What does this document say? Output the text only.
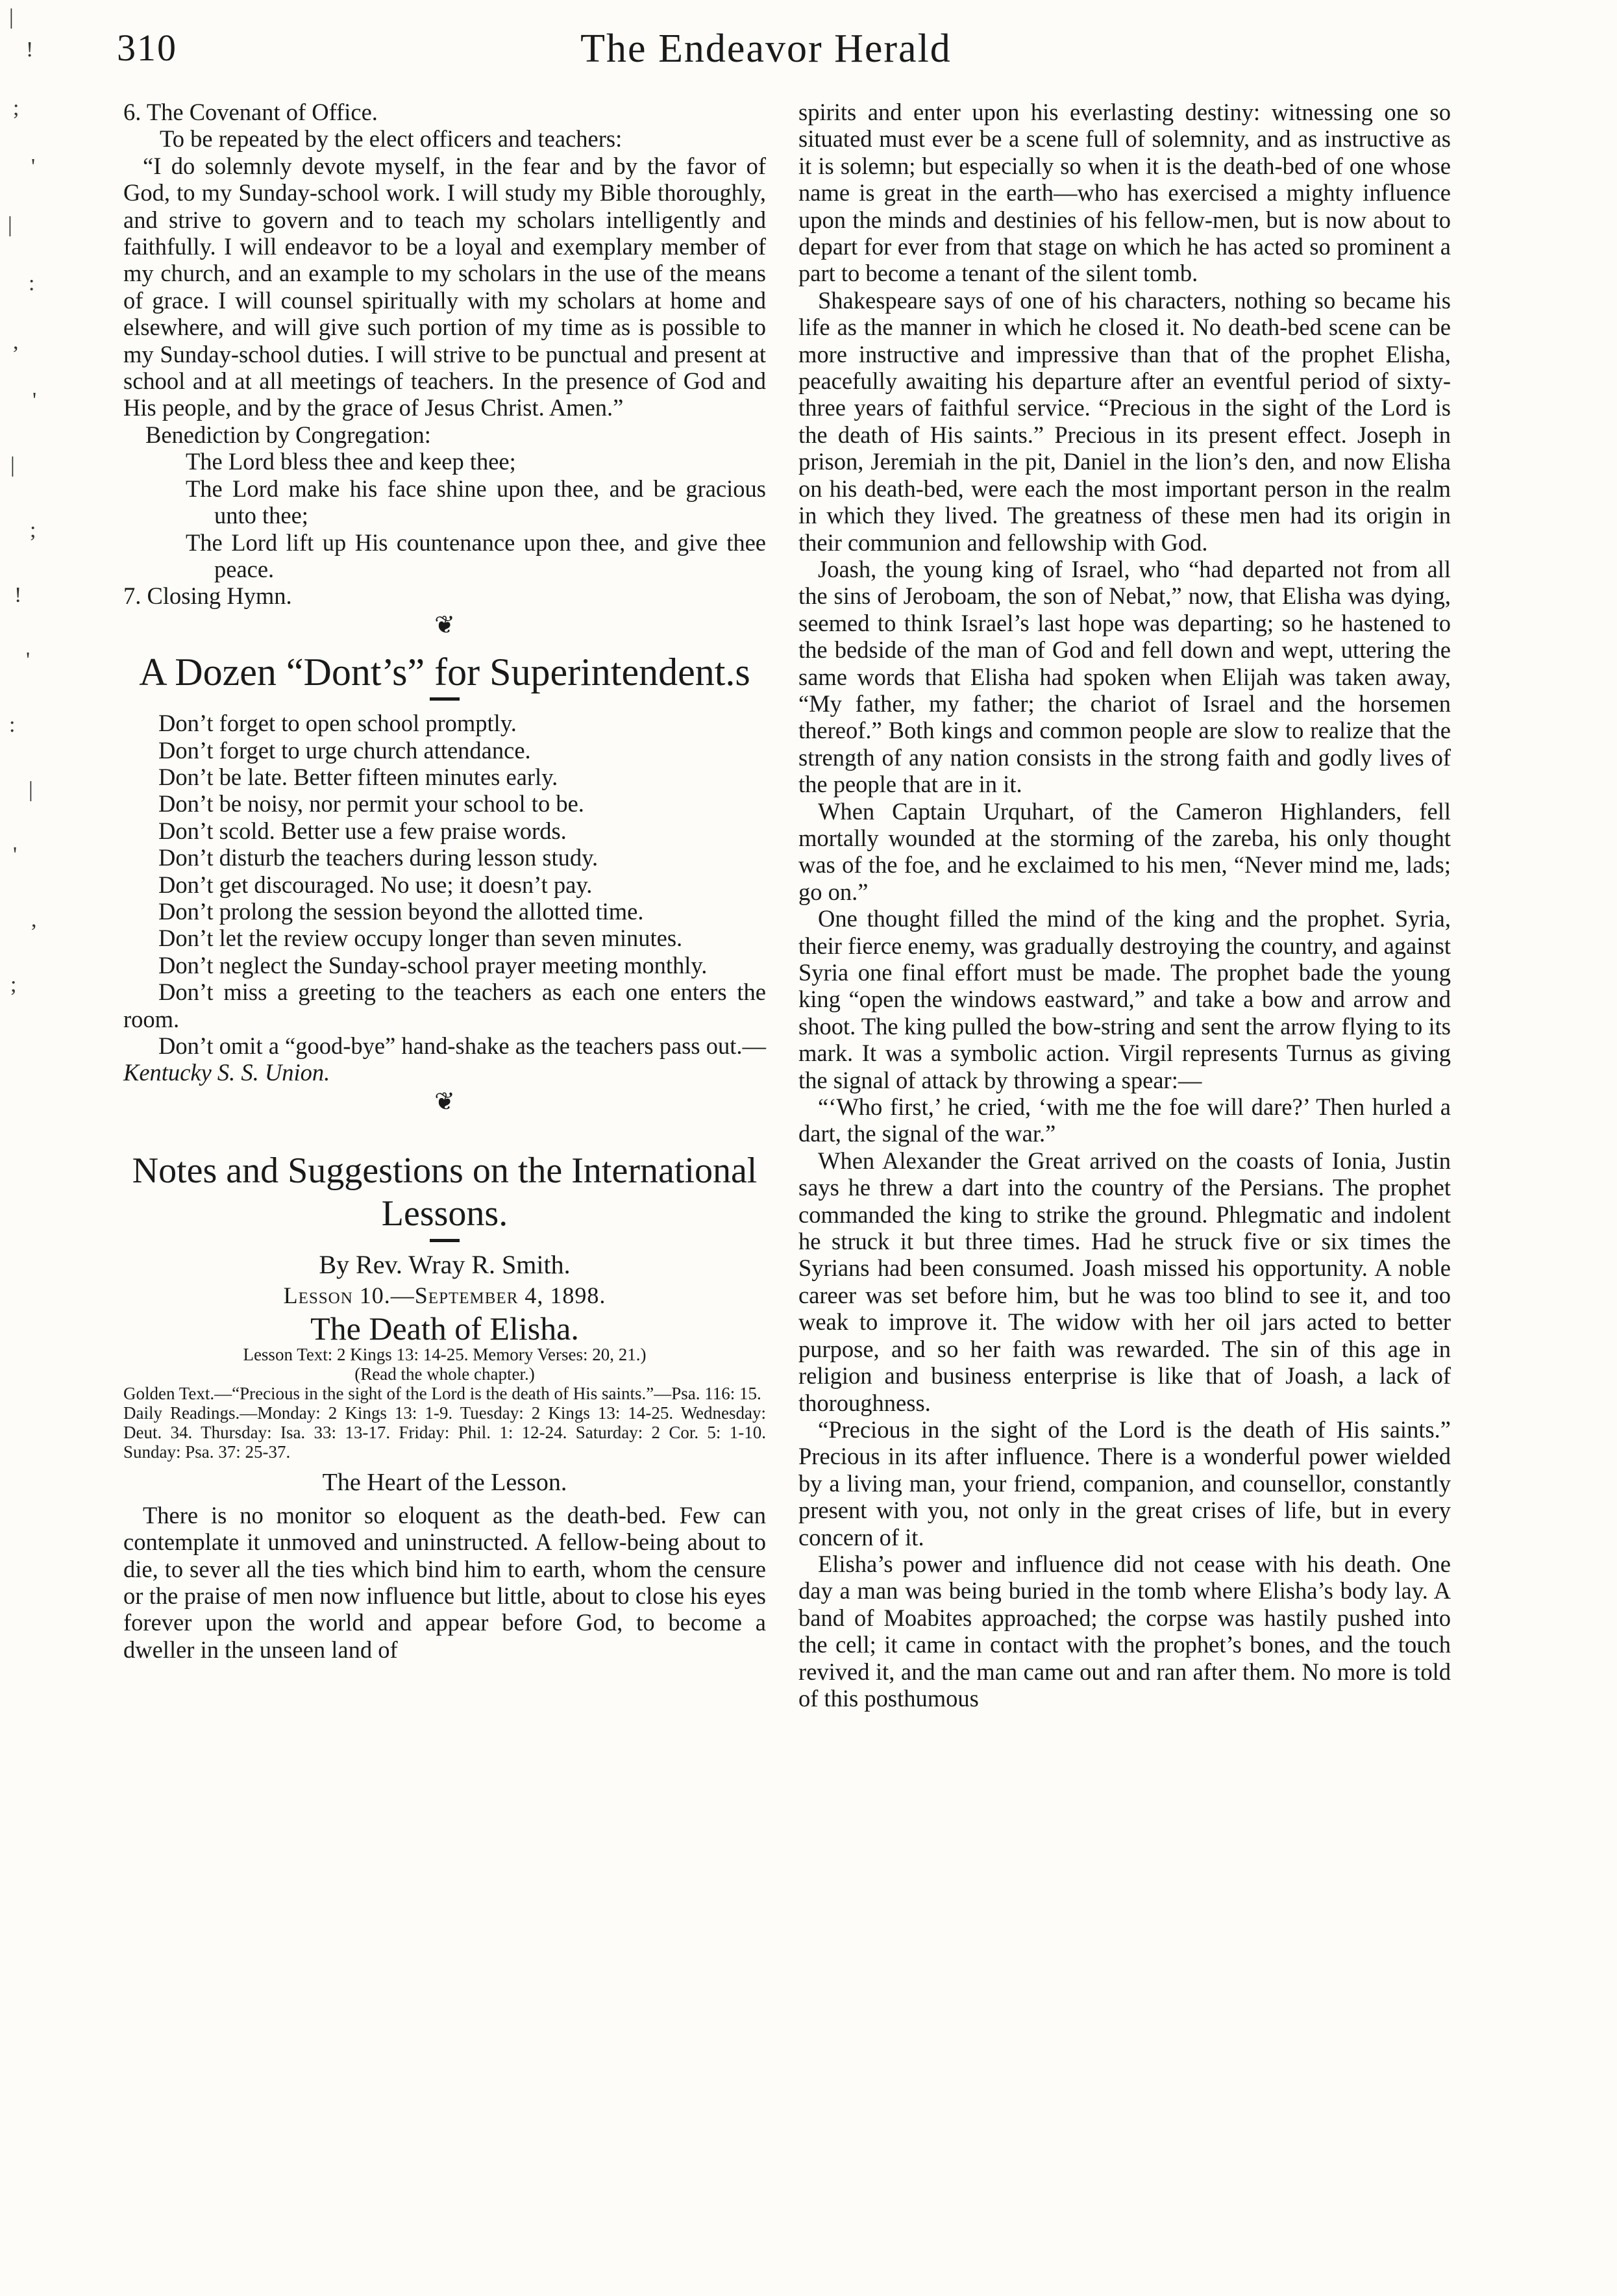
|
!
;
'
|
:
,
'
|
;
!
'
:
|
'
,
;
310	The Endeavor Herald

6. The Covenant of Office.

To be repeated by the elect officers and teachers:

“I do solemnly devote myself, in the fear and by the favor of God, to my Sunday-school work. I will study my Bible thoroughly, and strive to govern and to teach my scholars intelligently and faithfully. I will endeavor to be a loyal and exemplary member of my church, and an example to my scholars in the use of the means of grace. I will counsel spiritually with my scholars at home and elsewhere, and will give such portion of my time as is possible to my Sunday-school duties. I will strive to be punctual and present at school and at all meetings of teachers. In the presence of God and His people, and by the grace of Jesus Christ. Amen.”

Benediction by Congregation:

The Lord bless thee and keep thee;

The Lord make his face shine upon thee, and be gracious unto thee;

The Lord lift up His countenance upon thee, and give thee peace.

7. Closing Hymn.

❦
A Dozen “Dont’s” for Superintendent.s

Don’t forget to open school promptly.

Don’t forget to urge church attendance.

Don’t be late. Better fifteen minutes early.

Don’t be noisy, nor permit your school to be.

Don’t scold. Better use a few praise words.

Don’t disturb the teachers during lesson study.

Don’t get discouraged. No use; it doesn’t pay.

Don’t prolong the session beyond the allotted time.

Don’t let the review occupy longer than seven minutes.

Don’t neglect the Sunday-school prayer meeting monthly.

Don’t miss a greeting to the teachers as each one enters the room.

Don’t omit a “good-bye” hand-shake as the teachers pass out.—Kentucky S. S. Union.

❦
Notes and Suggestions on the International Lessons.
By Rev. Wray R. Smith.
Lesson 10.—September 4, 1898.
The Death of Elisha.

Lesson Text: 2 Kings 13: 14-25. Memory Verses: 20, 21.)

(Read the whole chapter.)

Golden Text.—“Precious in the sight of the Lord is the death of His saints.”—Psa. 116: 15.

Daily Readings.—Monday: 2 Kings 13: 1-9. Tuesday: 2 Kings 13: 14-25. Wednesday: Deut. 34. Thursday: Isa. 33: 13-17. Friday: Phil. 1: 12-24. Saturday: 2 Cor. 5: 1-10. Sunday: Psa. 37: 25-37.

The Heart of the Lesson.

There is no monitor so eloquent as the death-bed. Few can contemplate it unmoved and uninstructed. A fellow-being about to die, to sever all the ties which bind him to earth, whom the censure or the praise of men now influence but little, about to close his eyes forever upon the world and appear before God, to become a dweller in the unseen land of

spirits and enter upon his everlasting destiny: witnessing one so situated must ever be a scene full of solemnity, and as instructive as it is solemn; but especially so when it is the death-bed of one whose name is great in the earth—who has exercised a mighty influence upon the minds and destinies of his fellow-men, but is now about to depart for ever from that stage on which he has acted so prominent a part to become a tenant of the silent tomb.

Shakespeare says of one of his characters, nothing so became his life as the manner in which he closed it. No death-bed scene can be more instructive and impressive than that of the prophet Elisha, peacefully awaiting his departure after an eventful period of sixty-three years of faithful service. “Precious in the sight of the Lord is the death of His saints.” Precious in its present effect. Joseph in prison, Jeremiah in the pit, Daniel in the lion’s den, and now Elisha on his death-bed, were each the most important person in the realm in which they lived. The greatness of these men had its origin in their communion and fellowship with God.

Joash, the young king of Israel, who “had departed not from all the sins of Jeroboam, the son of Nebat,” now, that Elisha was dying, seemed to think Israel’s last hope was departing; so he hastened to the bedside of the man of God and fell down and wept, uttering the same words that Elisha had spoken when Elijah was taken away, “My father, my father; the chariot of Israel and the horsemen thereof.” Both kings and common people are slow to realize that the strength of any nation consists in the strong faith and godly lives of the people that are in it.

When Captain Urquhart, of the Cameron Highlanders, fell mortally wounded at the storming of the zareba, his only thought was of the foe, and he exclaimed to his men, “Never mind me, lads; go on.”

One thought filled the mind of the king and the prophet. Syria, their fierce enemy, was gradually destroying the country, and against Syria one final effort must be made. The prophet bade the young king “open the windows eastward,” and take a bow and arrow and shoot. The king pulled the bow-string and sent the arrow flying to its mark. It was a symbolic action. Virgil represents Turnus as giving the signal of attack by throwing a spear:—

“‘Who first,’ he cried, ‘with me the foe will dare?’ Then hurled a dart, the signal of the war.”

When Alexander the Great arrived on the coasts of Ionia, Justin says he threw a dart into the country of the Persians. The prophet commanded the king to strike the ground. Phlegmatic and indolent he struck it but three times. Had he struck five or six times the Syrians had been consumed. Joash missed his opportunity. A noble career was set before him, but he was too blind to see it, and too weak to improve it. The widow with her oil jars acted to better purpose, and so her faith was rewarded. The sin of this age in religion and business enterprise is like that of Joash, a lack of thoroughness.

“Precious in the sight of the Lord is the death of His saints.” Precious in its after influence. There is a wonderful power wielded by a living man, your friend, companion, and counsellor, constantly present with you, not only in the great crises of life, but in every concern of it.

Elisha’s power and influence did not cease with his death. One day a man was being buried in the tomb where Elisha’s body lay. A band of Moabites approached; the corpse was hastily pushed into the cell; it came in contact with the prophet’s bones, and the touch revived it, and the man came out and ran after them. No more is told of this posthumous
